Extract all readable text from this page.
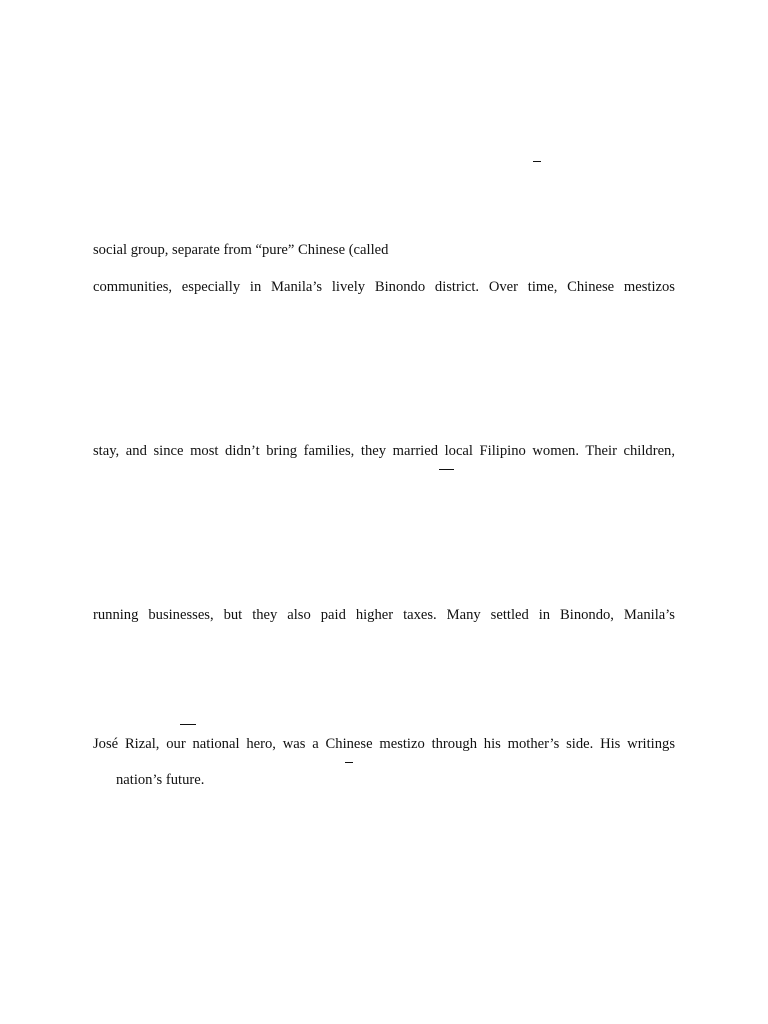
social group, separate from “pure” Chinese (called
communities, especially in Manila’s lively Binondo district. Over time, Chinese mestizos
stay, and since most didn’t bring families, they married local Filipino women. Their children,
running businesses, but they also paid higher taxes. Many settled in Binondo, Manila’s
José Rizal, our national hero, was a Chinese mestizo through his mother’s side. His writings
nation’s future.
